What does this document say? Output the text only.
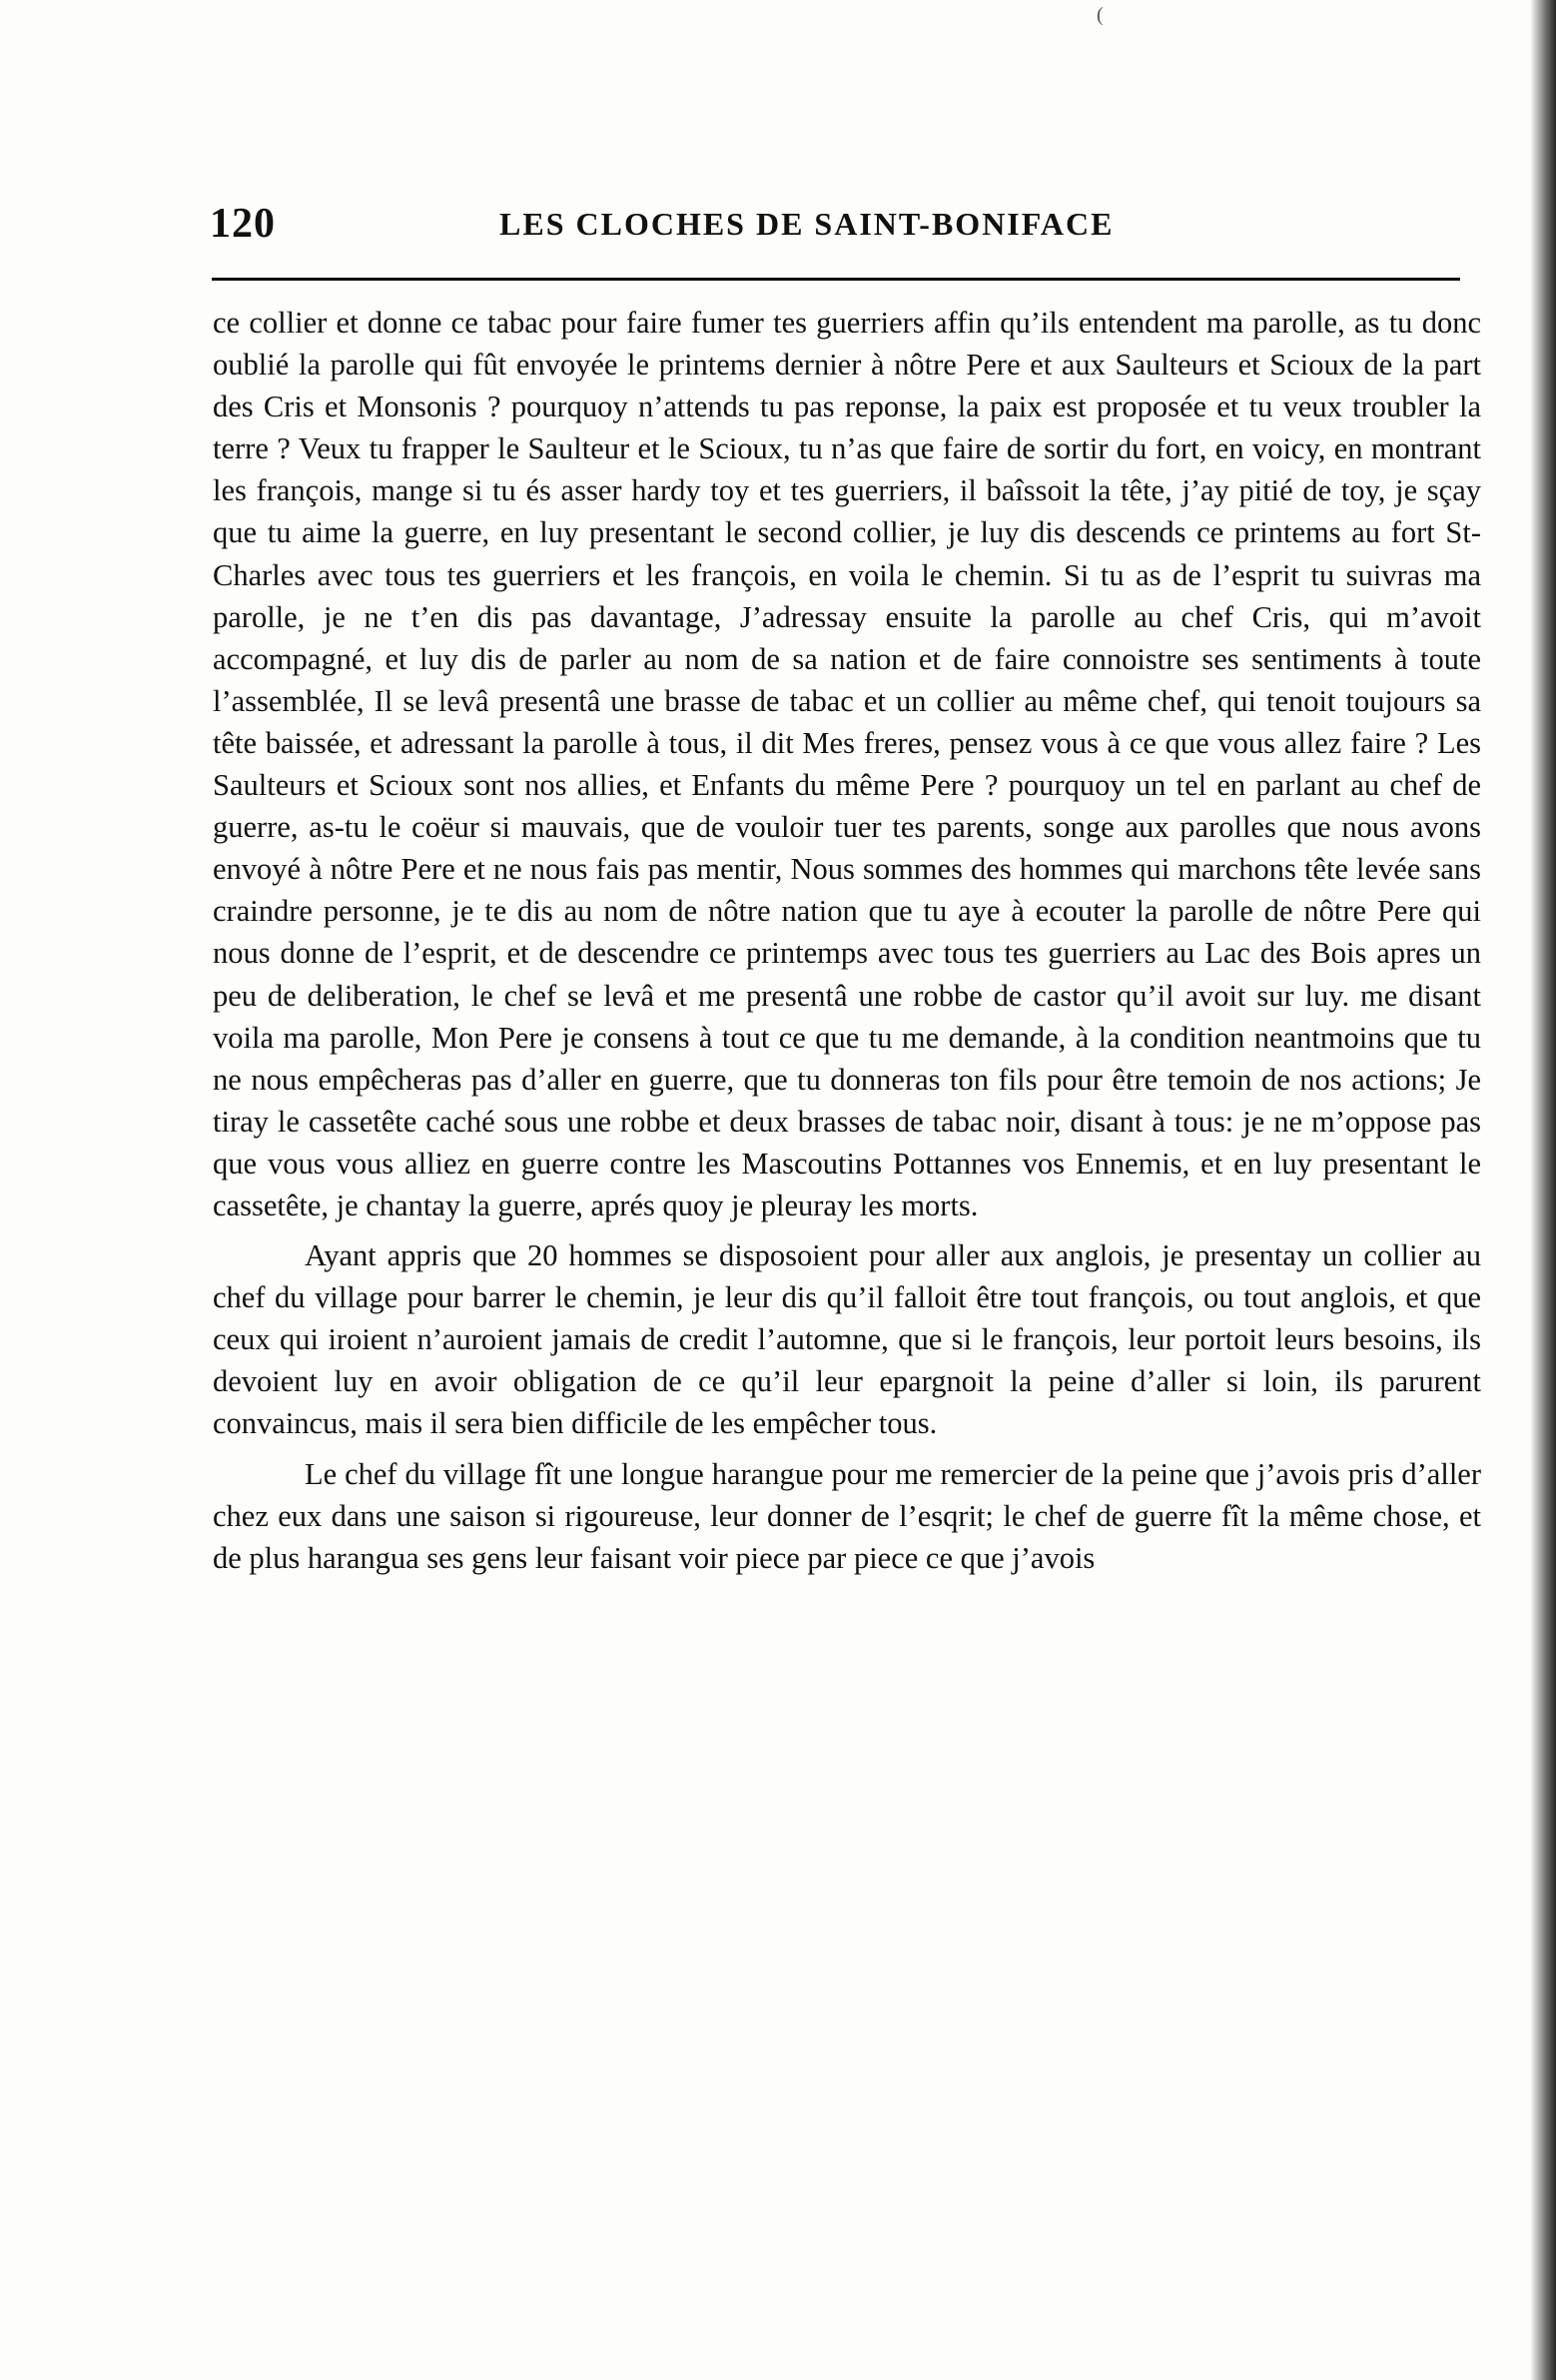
(
120	LES CLOCHES DE SAINT-BONIFACE

ce collier et donne ce tabac pour faire fumer tes guerriers affin qu’ils entendent ma parolle, as tu donc oublié la parolle qui fût envoyée le printems dernier à nôtre Pere et aux Saulteurs et Scioux de la part des Cris et Monsonis ? pourquoy n’attends tu pas reponse, la paix est proposée et tu veux troubler la terre ? Veux tu frapper le Saulteur et le Scioux, tu n’as que faire de sortir du fort, en voicy, en montrant les françois, mange si tu és asser hardy toy et tes guerriers, il baîssoit la tête, j’ay pitié de toy, je sçay que tu aime la guerre, en luy presentant le second collier, je luy dis descends ce printems au fort St-Charles avec tous tes guerriers et les françois, en voila le chemin. Si tu as de l’esprit tu suivras ma parolle, je ne t’en dis pas davantage, J’adressay ensuite la parolle au chef Cris, qui m’avoit accompagné, et luy dis de parler au nom de sa nation et de faire connoistre ses sentiments à toute l’assemblée, Il se levâ presentâ une brasse de tabac et un collier au même chef, qui tenoit toujours sa tête baissée, et adressant la parolle à tous, il dit Mes freres, pensez vous à ce que vous allez faire ? Les Saulteurs et Scioux sont nos allies, et Enfants du même Pere ? pourquoy un tel en parlant au chef de guerre, as-tu le coëur si mauvais, que de vouloir tuer tes parents, songe aux parolles que nous avons envoyé à nôtre Pere et ne nous fais pas mentir, Nous sommes des hommes qui marchons tête levée sans craindre personne, je te dis au nom de nôtre nation que tu aye à ecouter la parolle de nôtre Pere qui nous donne de l’esprit, et de descendre ce printemps avec tous tes guerriers au Lac des Bois apres un peu de deliberation, le chef se levâ et me presentâ une robbe de castor qu’il avoit sur luy. me disant voila ma parolle, Mon Pere je consens à tout ce que tu me demande, à la condition neantmoins que tu ne nous empêcheras pas d’aller en guerre, que tu donneras ton fils pour être temoin de nos actions; Je tiray le cassetête caché sous une robbe et deux brasses de tabac noir, disant à tous: je ne m’oppose pas que vous vous alliez en guerre contre les Mascoutins Pottannes vos Ennemis, et en luy presentant le cassetête, je chantay la guerre, aprés quoy je pleuray les morts.

Ayant appris que 20 hommes se disposoient pour aller aux anglois, je presentay un collier au chef du village pour barrer le chemin, je leur dis qu’il falloit être tout françois, ou tout anglois, et que ceux qui iroient n’auroient jamais de credit l’automne, que si le françois, leur portoit leurs besoins, ils devoient luy en avoir obligation de ce qu’il leur epargnoit la peine d’aller si loin, ils parurent convaincus, mais il sera bien difficile de les empêcher tous.

Le chef du village fît une longue harangue pour me remercier de la peine que j’avois pris d’aller chez eux dans une saison si rigoureuse, leur donner de l’esqrit; le chef de guerre fît la même chose, et de plus harangua ses gens leur faisant voir piece par piece ce que j’avois
